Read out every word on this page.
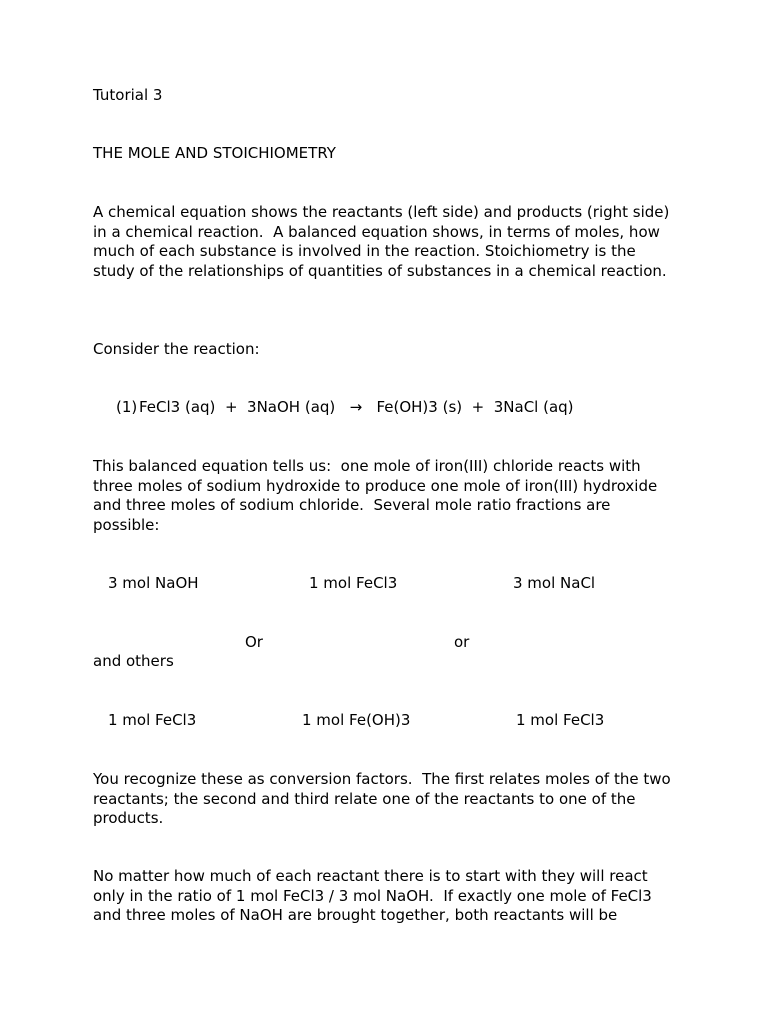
Tutorial 3
THE MOLE AND STOICHIOMETRY
A chemical equation shows the reactants (left side) and products (right side) in a chemical reaction.  A balanced equation shows, in terms of moles, how much of each substance is involved in the reaction. Stoichiometry is the study of the relationships of quantities of substances in a chemical reaction.
Consider the reaction:
(1) FeCl3 (aq)  +  3NaOH (aq)   →   Fe(OH)3 (s)  +  3NaCl (aq)
This balanced equation tells us:  one mole of iron(III) chloride reacts with three moles of sodium hydroxide to produce one mole of iron(III) hydroxide and three moles of sodium chloride.  Several mole ratio fractions are possible:
3 mol NaOH	1 mol FeCl3	3 mol NaCl
Or	or
and others
1 mol FeCl3	1 mol Fe(OH)3	1 mol FeCl3
You recognize these as conversion factors.  The first relates moles of the two reactants; the second and third relate one of the reactants to one of the products.
No matter how much of each reactant there is to start with they will react only in the ratio of 1 mol FeCl3 / 3 mol NaOH.  If exactly one mole of FeCl3 and three moles of NaOH are brought together, both reactants will be
